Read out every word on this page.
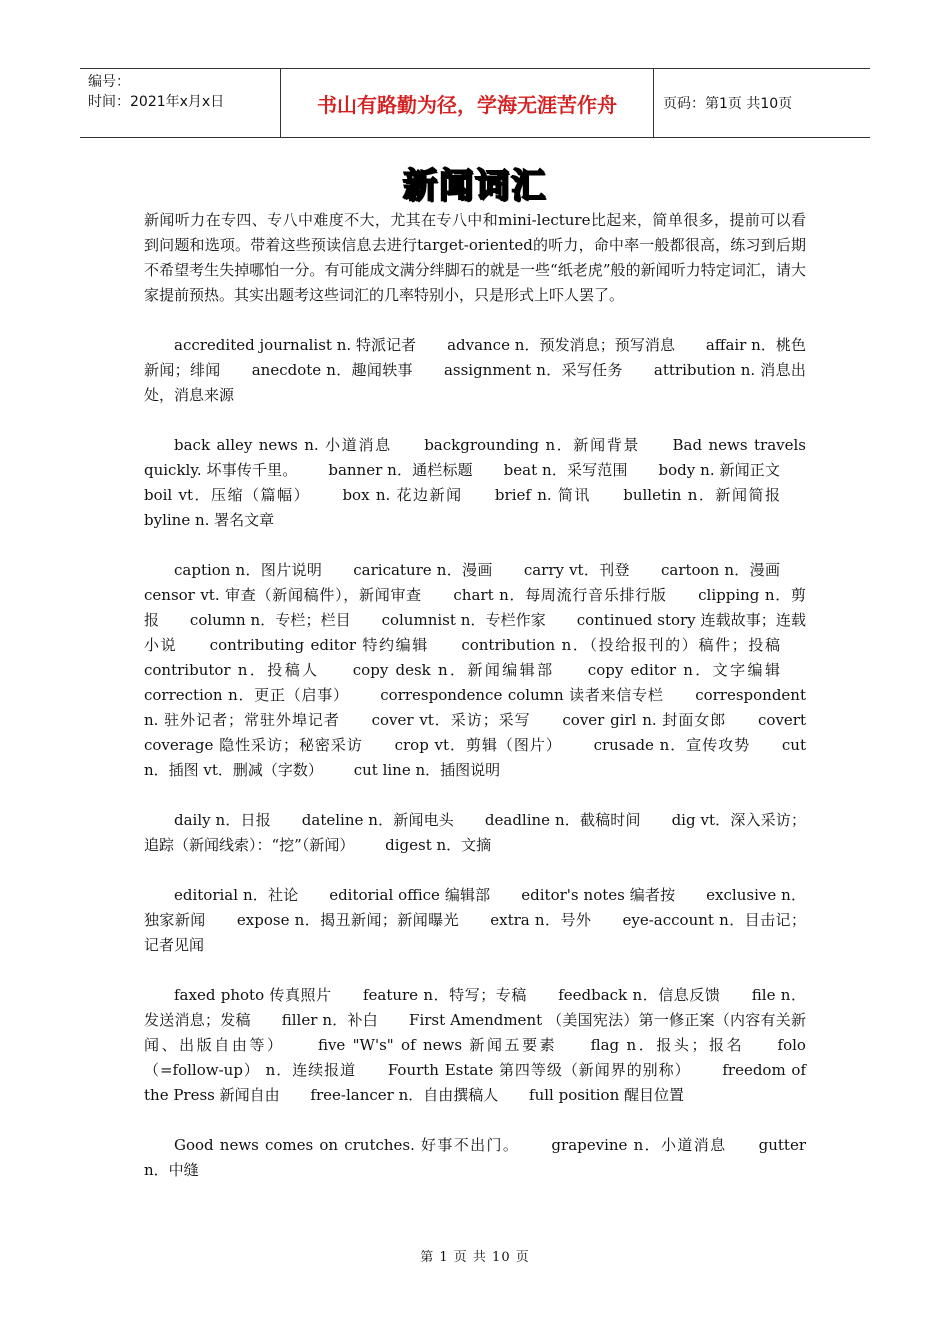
编号：
时间：2021年x月x日	书山有路勤为径，学海无涯苦作舟	页码：第1页 共10页
新闻词汇

新闻听力在专四、专八中难度不大，尤其在专八中和mini-lecture比起来，简单很多，提前可以看到问题和选项。带着这些预读信息去进行target-oriented的听力，命中率一般都很高，练习到后期不希望考生失掉哪怕一分。有可能成文满分绊脚石的就是一些“纸老虎”般的新闻听力特定词汇，请大家提前预热。其实出题考这些词汇的几率特别小，只是形式上吓人罢了。

accredited journalist n. 特派记者 advance n．预发消息；预写消息 affair n．桃色新闻；绯闻 anecdote n．趣闻轶事 assignment n．采写任务 attribution n. 消息出处，消息来源

back alley news n. 小道消息 backgrounding n．新闻背景 Bad news travels quickly. 坏事传千里。 banner n．通栏标题 beat n．采写范围 body n. 新闻正文 boil vt．压缩（篇幅） box n. 花边新闻 brief n. 简讯 bulletin n．新闻简报 byline n. 署名文章

caption n．图片说明 caricature n．漫画 carry vt．刊登 cartoon n．漫画 censor vt. 审查（新闻稿件），新闻审查 chart n．每周流行音乐排行版 clipping n．剪报 column n．专栏；栏目 columnist n．专栏作家 continued story 连载故事；连载小说 contributing editor 特约编辑 contribution n．（投给报刊的）稿件；投稿 contributor n．投稿人 copy desk n．新闻编辑部 copy editor n．文字编辑 correction n．更正（启事） correspondence column 读者来信专栏 correspondent n. 驻外记者；常驻外埠记者 cover vt．采访；采写 cover girl n. 封面女郎 covert coverage 隐性采访；秘密采访 crop vt．剪辑（图片） crusade n．宣传攻势 cut n．插图 vt．删减（字数） cut line n．插图说明

daily n．日报 dateline n．新闻电头 deadline n．截稿时间 dig vt．深入采访；追踪（新闻线索）：“挖”（新闻） digest n．文摘

editorial n．社论 editorial office 编辑部 editor's notes 编者按 exclusive n．独家新闻 expose n．揭丑新闻；新闻曝光 extra n．号外 eye-account n．目击记；记者见闻

faxed photo 传真照片 feature n．特写；专稿 feedback n．信息反馈 file n．发送消息；发稿 filler n．补白 First Amendment （美国宪法）第一修正案（内容有关新闻、出版自由等） five "W's" of news 新闻五要素 flag n．报头；报名 folo （=follow-up） n．连续报道 Fourth Estate 第四等级（新闻界的别称） freedom of the Press 新闻自由 free-lancer n．自由撰稿人 full position 醒目位置

Good news comes on crutches. 好事不出门。 grapevine n．小道消息 gutter n．中缝

第 1 页 共 10 页
